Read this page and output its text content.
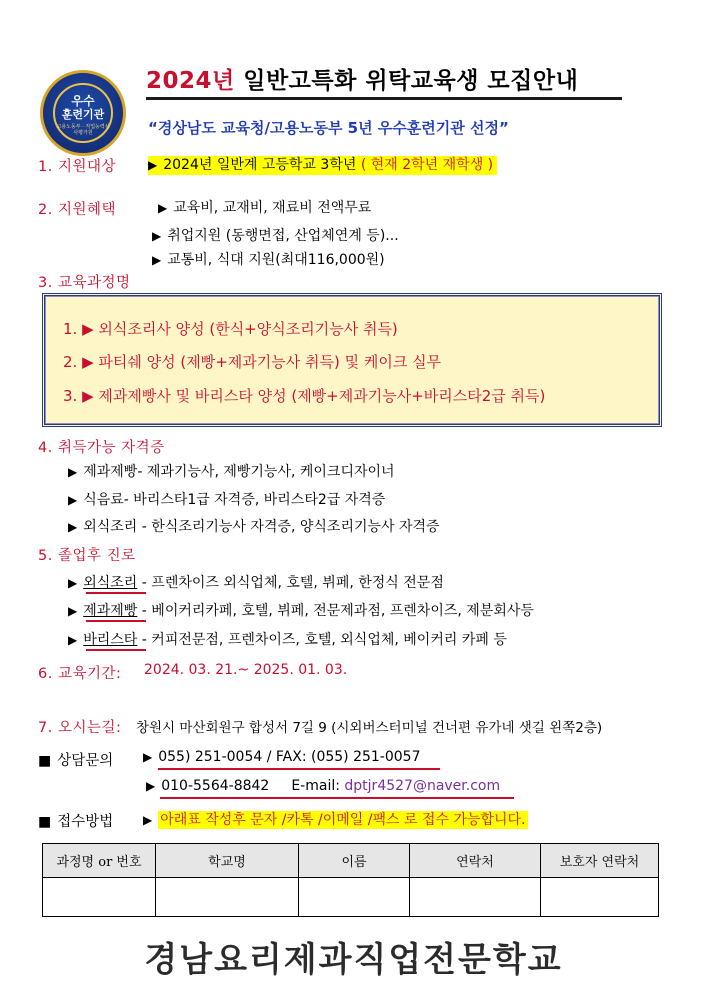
우수
훈련기관
고용노동부 · 직업능력심사평가원
2024년 일반고특화 위탁교육생 모집안내
“경상남도 교육청/고용노동부 5년 우수훈련기관 선정”
1. 지원대상	▶ 2024년 일반계 고등학교 3학년 ( 현재 2학년 재학생 )
2. 지원혜택	▶ 교육비, 교재비, 재료비 전액무료
▶ 취업지원 (동행면접, 산업체연계 등)...
▶ 교통비, 식대 지원(최대116,000원)
3. 교육과정명
1. ▶ 외식조리사 양성 (한식+양식조리기능사 취득)
2. ▶ 파티쉐 양성 (제빵+제과기능사 취득) 및 케이크 실무
3. ▶ 제과제빵사 및 바리스타 양성 (제빵+제과기능사+바리스타2급 취득)
4. 취득가능 자격증
▶ 제과제빵- 제과기능사, 제빵기능사, 케이크디자이너
▶ 식음료- 바리스타1급 자격증, 바리스타2급 자격증
▶ 외식조리 - 한식조리기능사 자격증, 양식조리기능사 자격증
5. 졸업후 진로
▶ 외식조리 - 프렌차이즈 외식업체, 호텔, 뷔페, 한정식 전문점
▶ 제과제빵 - 베이커리카페, 호텔, 뷔페, 전문제과점, 프렌차이즈, 제분회사등
▶ 바리스타 - 커피전문점, 프렌차이즈, 호텔, 외식업체, 베이커리 카페 등
6. 교육기간: 2024. 03. 21.~ 2025. 01. 03.
7. 오시는길: 창원시 마산회원구 합성서 7길 9 (시외버스터미널 건너편 유가네 샛길 왼쪽2층)
■ 상담문의 ▶ 055) 251-0054 / FAX: (055) 251-0057
▶ 010-5564-8842 E-mail: dptjr4527@naver.com
■ 접수방법 ▶ 아래표 작성후 문자 /카톡 /이메일 /팩스 로 접수 가능합니다.
과정명 or 번호	학교명	이름	연락처	보호자 연락처

경남요리제과직업전문학교
